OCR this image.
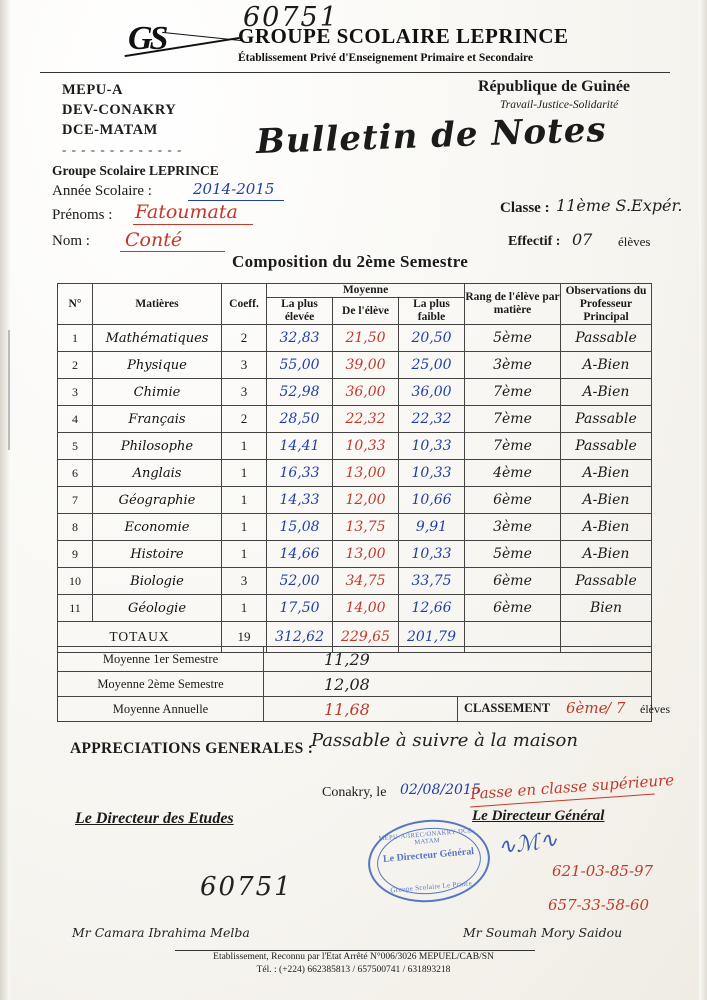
60751
GS	GROUPE SCOLAIRE LEPRINCE
Établissement Privé d'Enseignement Primaire et Secondaire
MEPU-A
DEV-CONAKRY
DCE-MATAM
- - - - - - - - - - - - -
Groupe Scolaire LEPRINCE
Année Scolaire :	2014-2015
Prénoms : Fatoumata
Nom : Conté
République de Guinée
Travail-Justice-Solidarité
Classe : 11ème S.Expér.
Effectif : 07 élèves
Bulletin de Notes
Composition du 2ème Semestre
N°	Matières	Coeff.	Moyenne			Rang de l'élève par matière	Observations du Professeur Principal
			La plus élevée	De l'élève	La plus faible		
1	Mathématiques	2	32,83	21,50	20,50	5ème	Passable
2	Physique	3	55,00	39,00	25,00	3ème	A-Bien
3	Chimie	3	52,98	36,00	36,00	7ème	A-Bien
4	Français	2	28,50	22,32	22,32	7ème	Passable
5	Philosophe	1	14,41	10,33	10,33	7ème	Passable
6	Anglais	1	16,33	13,00	10,33	4ème	A-Bien
7	Géographie	1	14,33	12,00	10,66	6ème	A-Bien
8	Economie	1	15,08	13,75	9,91	3ème	A-Bien
9	Histoire	1	14,66	13,00	10,33	5ème	A-Bien
10	Biologie	3	52,00	34,75	33,75	6ème	Passable
11	Géologie	1	17,50	14,00	12,66	6ème	Bien
TOTAUX		19	312,62	229,65	201,79		
Moyenne 1er Semestre	11,29	
Moyenne 2ème Semestre	12,08	
Moyenne Annuelle	11,68	CLASSEMENT 6ème
/ 7 élèves
APPRECIATIONS GENERALES :
Passable à suivre à la maison
Conakry, le 02/08/2015
Passe en classe supérieure
Le Directeur des Etudes	Le Directeur Général
MEPU-A/IREC/ONAKRY-DCE-MATAM
Le Directeur Général
Groupe Scolaire Le Prince
∿ℳ∿
60751
621-03-85-97
657-33-58-60
Mr Camara Ibrahima Melba	Mr Soumah Mory Saidou
Etablissement, Reconnu par l'Etat Arrêté N°006/3026 MEPUEL/CAB/SN
Tél. : (+224) 662385813 / 657500741 / 631893218
